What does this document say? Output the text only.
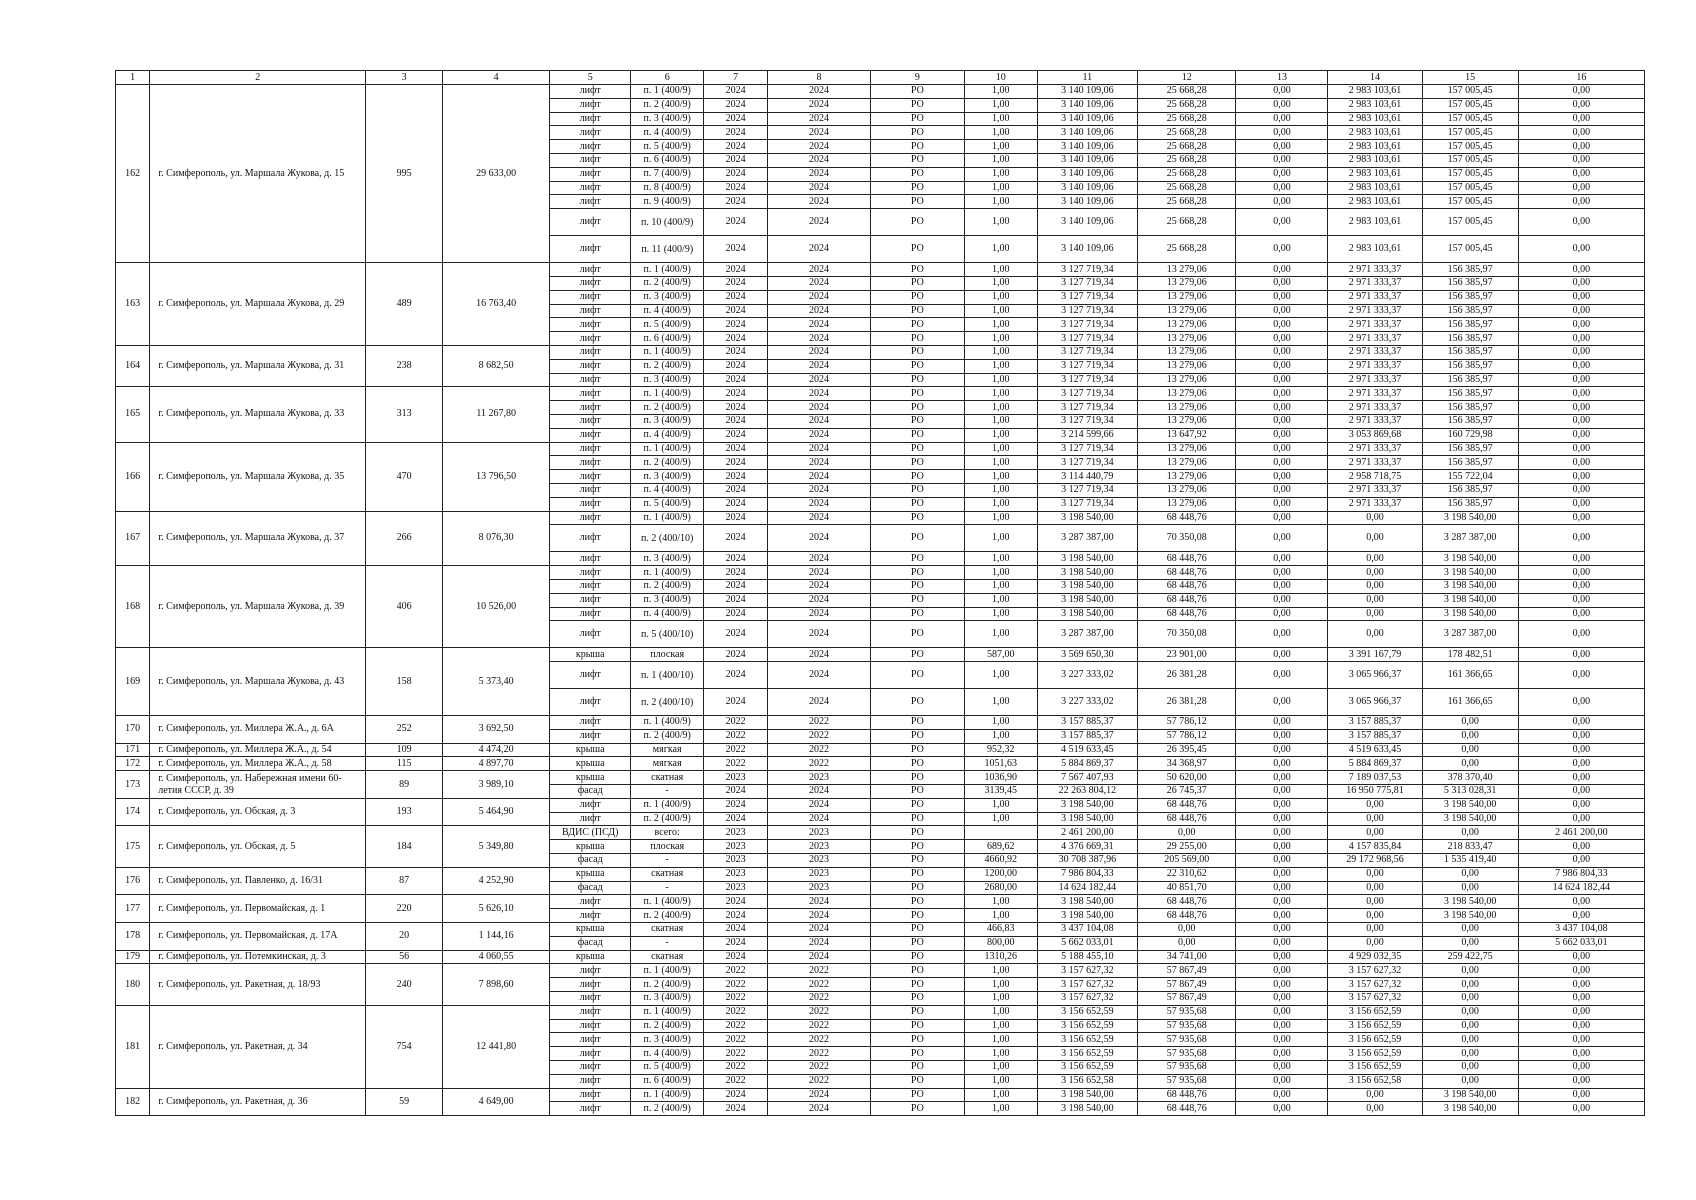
1	2	3	4	5	6	7	8	9	10	11	12	13	14	15	16
162	г. Симферополь, ул. Маршала Жукова, д. 15	995	29 633,00	лифт	п. 1 (400/9)	2024	2024	РО	1,00	3 140 109,06	25 668,28	0,00	2 983 103,61	157 005,45	0,00
				лифт	п. 2 (400/9)	2024	2024	РО	1,00	3 140 109,06	25 668,28	0,00	2 983 103,61	157 005,45	0,00
				лифт	п. 3 (400/9)	2024	2024	РО	1,00	3 140 109,06	25 668,28	0,00	2 983 103,61	157 005,45	0,00
				лифт	п. 4 (400/9)	2024	2024	РО	1,00	3 140 109,06	25 668,28	0,00	2 983 103,61	157 005,45	0,00
				лифт	п. 5 (400/9)	2024	2024	РО	1,00	3 140 109,06	25 668,28	0,00	2 983 103,61	157 005,45	0,00
				лифт	п. 6 (400/9)	2024	2024	РО	1,00	3 140 109,06	25 668,28	0,00	2 983 103,61	157 005,45	0,00
				лифт	п. 7 (400/9)	2024	2024	РО	1,00	3 140 109,06	25 668,28	0,00	2 983 103,61	157 005,45	0,00
				лифт	п. 8 (400/9)	2024	2024	РО	1,00	3 140 109,06	25 668,28	0,00	2 983 103,61	157 005,45	0,00
				лифт	п. 9 (400/9)	2024	2024	РО	1,00	3 140 109,06	25 668,28	0,00	2 983 103,61	157 005,45	0,00
				лифт	п. 10 (400/9)	2024	2024	РО	1,00	3 140 109,06	25 668,28	0,00	2 983 103,61	157 005,45	0,00
				лифт	п. 11 (400/9)	2024	2024	РО	1,00	3 140 109,06	25 668,28	0,00	2 983 103,61	157 005,45	0,00
163	г. Симферополь, ул. Маршала Жукова, д. 29	489	16 763,40	лифт	п. 1 (400/9)	2024	2024	РО	1,00	3 127 719,34	13 279,06	0,00	2 971 333,37	156 385,97	0,00
				лифт	п. 2 (400/9)	2024	2024	РО	1,00	3 127 719,34	13 279,06	0,00	2 971 333,37	156 385,97	0,00
				лифт	п. 3 (400/9)	2024	2024	РО	1,00	3 127 719,34	13 279,06	0,00	2 971 333,37	156 385,97	0,00
				лифт	п. 4 (400/9)	2024	2024	РО	1,00	3 127 719,34	13 279,06	0,00	2 971 333,37	156 385,97	0,00
				лифт	п. 5 (400/9)	2024	2024	РО	1,00	3 127 719,34	13 279,06	0,00	2 971 333,37	156 385,97	0,00
				лифт	п. 6 (400/9)	2024	2024	РО	1,00	3 127 719,34	13 279,06	0,00	2 971 333,37	156 385,97	0,00
164	г. Симферополь, ул. Маршала Жукова, д. 31	238	8 682,50	лифт	п. 1 (400/9)	2024	2024	РО	1,00	3 127 719,34	13 279,06	0,00	2 971 333,37	156 385,97	0,00
				лифт	п. 2 (400/9)	2024	2024	РО	1,00	3 127 719,34	13 279,06	0,00	2 971 333,37	156 385,97	0,00
				лифт	п. 3 (400/9)	2024	2024	РО	1,00	3 127 719,34	13 279,06	0,00	2 971 333,37	156 385,97	0,00
165	г. Симферополь, ул. Маршала Жукова, д. 33	313	11 267,80	лифт	п. 1 (400/9)	2024	2024	РО	1,00	3 127 719,34	13 279,06	0,00	2 971 333,37	156 385,97	0,00
				лифт	п. 2 (400/9)	2024	2024	РО	1,00	3 127 719,34	13 279,06	0,00	2 971 333,37	156 385,97	0,00
				лифт	п. 3 (400/9)	2024	2024	РО	1,00	3 127 719,34	13 279,06	0,00	2 971 333,37	156 385,97	0,00
				лифт	п. 4 (400/9)	2024	2024	РО	1,00	3 214 599,66	13 647,92	0,00	3 053 869,68	160 729,98	0,00
166	г. Симферополь, ул. Маршала Жукова, д. 35	470	13 796,50	лифт	п. 1 (400/9)	2024	2024	РО	1,00	3 127 719,34	13 279,06	0,00	2 971 333,37	156 385,97	0,00
				лифт	п. 2 (400/9)	2024	2024	РО	1,00	3 127 719,34	13 279,06	0,00	2 971 333,37	156 385,97	0,00
				лифт	п. 3 (400/9)	2024	2024	РО	1,00	3 114 440,79	13 279,06	0,00	2 958 718,75	155 722,04	0,00
				лифт	п. 4 (400/9)	2024	2024	РО	1,00	3 127 719,34	13 279,06	0,00	2 971 333,37	156 385,97	0,00
				лифт	п. 5 (400/9)	2024	2024	РО	1,00	3 127 719,34	13 279,06	0,00	2 971 333,37	156 385,97	0,00
167	г. Симферополь, ул. Маршала Жукова, д. 37	266	8 076,30	лифт	п. 1 (400/9)	2024	2024	РО	1,00	3 198 540,00	68 448,76	0,00	0,00	3 198 540,00	0,00
				лифт	п. 2 (400/10)	2024	2024	РО	1,00	3 287 387,00	70 350,08	0,00	0,00	3 287 387,00	0,00
				лифт	п. 3 (400/9)	2024	2024	РО	1,00	3 198 540,00	68 448,76	0,00	0,00	3 198 540,00	0,00
168	г. Симферополь, ул. Маршала Жукова, д. 39	406	10 526,00	лифт	п. 1 (400/9)	2024	2024	РО	1,00	3 198 540,00	68 448,76	0,00	0,00	3 198 540,00	0,00
				лифт	п. 2 (400/9)	2024	2024	РО	1,00	3 198 540,00	68 448,76	0,00	0,00	3 198 540,00	0,00
				лифт	п. 3 (400/9)	2024	2024	РО	1,00	3 198 540,00	68 448,76	0,00	0,00	3 198 540,00	0,00
				лифт	п. 4 (400/9)	2024	2024	РО	1,00	3 198 540,00	68 448,76	0,00	0,00	3 198 540,00	0,00
				лифт	п. 5 (400/10)	2024	2024	РО	1,00	3 287 387,00	70 350,08	0,00	0,00	3 287 387,00	0,00
169	г. Симферополь, ул. Маршала Жукова, д. 43	158	5 373,40	крыша	плоская	2024	2024	РО	587,00	3 569 650,30	23 901,00	0,00	3 391 167,79	178 482,51	0,00
				лифт	п. 1 (400/10)	2024	2024	РО	1,00	3 227 333,02	26 381,28	0,00	3 065 966,37	161 366,65	0,00
				лифт	п. 2 (400/10)	2024	2024	РО	1,00	3 227 333,02	26 381,28	0,00	3 065 966,37	161 366,65	0,00
170	г. Симферополь, ул. Миллера Ж.А., д. 6А	252	3 692,50	лифт	п. 1 (400/9)	2022	2022	РО	1,00	3 157 885,37	57 786,12	0,00	3 157 885,37	0,00	0,00
				лифт	п. 2 (400/9)	2022	2022	РО	1,00	3 157 885,37	57 786,12	0,00	3 157 885,37	0,00	0,00
171	г. Симферополь, ул. Миллера Ж.А., д. 54	109	4 474,20	крыша	мягкая	2022	2022	РО	952,32	4 519 633,45	26 395,45	0,00	4 519 633,45	0,00	0,00
172	г. Симферополь, ул. Миллера Ж.А., д. 58	115	4 897,70	крыша	мягкая	2022	2022	РО	1051,63	5 884 869,37	34 368,97	0,00	5 884 869,37	0,00	0,00
173	г. Симферополь, ул. Набережная имени 60-летия СССР, д. 39	89	3 989,10	крыша	скатная	2023	2023	РО	1036,90	7 567 407,93	50 620,00	0,00	7 189 037,53	378 370,40	0,00
				фасад	-	2024	2024	РО	3139,45	22 263 804,12	26 745,37	0,00	16 950 775,81	5 313 028,31	0,00
174	г. Симферополь, ул. Обская, д. 3	193	5 464,90	лифт	п. 1 (400/9)	2024	2024	РО	1,00	3 198 540,00	68 448,76	0,00	0,00	3 198 540,00	0,00
				лифт	п. 2 (400/9)	2024	2024	РО	1,00	3 198 540,00	68 448,76	0,00	0,00	3 198 540,00	0,00
175	г. Симферополь, ул. Обская, д. 5	184	5 349,80	ВДИС (ПСД)	всего:	2023	2023	РО		2 461 200,00	0,00	0,00	0,00	0,00	2 461 200,00
				крыша	плоская	2023	2023	РО	689,62	4 376 669,31	29 255,00	0,00	4 157 835,84	218 833,47	0,00
				фасад	-	2023	2023	РО	4660,92	30 708 387,96	205 569,00	0,00	29 172 968,56	1 535 419,40	0,00
176	г. Симферополь, ул. Павленко, д. 16/31	87	4 252,90	крыша	скатная	2023	2023	РО	1200,00	7 986 804,33	22 310,62	0,00	0,00	0,00	7 986 804,33
				фасад	-	2023	2023	РО	2680,00	14 624 182,44	40 851,70	0,00	0,00	0,00	14 624 182,44
177	г. Симферополь, ул. Первомайская, д. 1	220	5 626,10	лифт	п. 1 (400/9)	2024	2024	РО	1,00	3 198 540,00	68 448,76	0,00	0,00	3 198 540,00	0,00
				лифт	п. 2 (400/9)	2024	2024	РО	1,00	3 198 540,00	68 448,76	0,00	0,00	3 198 540,00	0,00
178	г. Симферополь, ул. Первомайская, д. 17А	20	1 144,16	крыша	скатная	2024	2024	РО	466,83	3 437 104,08	0,00	0,00	0,00	0,00	3 437 104,08
				фасад	-	2024	2024	РО	800,00	5 662 033,01	0,00	0,00	0,00	0,00	5 662 033,01
179	г. Симферополь, ул. Потемкинская, д. 3	56	4 060,55	крыша	скатная	2024	2024	РО	1310,26	5 188 455,10	34 741,00	0,00	4 929 032,35	259 422,75	0,00
180	г. Симферополь, ул. Ракетная, д. 18/93	240	7 898,60	лифт	п. 1 (400/9)	2022	2022	РО	1,00	3 157 627,32	57 867,49	0,00	3 157 627,32	0,00	0,00
				лифт	п. 2 (400/9)	2022	2022	РО	1,00	3 157 627,32	57 867,49	0,00	3 157 627,32	0,00	0,00
				лифт	п. 3 (400/9)	2022	2022	РО	1,00	3 157 627,32	57 867,49	0,00	3 157 627,32	0,00	0,00
181	г. Симферополь, ул. Ракетная, д. 34	754	12 441,80	лифт	п. 1 (400/9)	2022	2022	РО	1,00	3 156 652,59	57 935,68	0,00	3 156 652,59	0,00	0,00
				лифт	п. 2 (400/9)	2022	2022	РО	1,00	3 156 652,59	57 935,68	0,00	3 156 652,59	0,00	0,00
				лифт	п. 3 (400/9)	2022	2022	РО	1,00	3 156 652,59	57 935,68	0,00	3 156 652,59	0,00	0,00
				лифт	п. 4 (400/9)	2022	2022	РО	1,00	3 156 652,59	57 935,68	0,00	3 156 652,59	0,00	0,00
				лифт	п. 5 (400/9)	2022	2022	РО	1,00	3 156 652,59	57 935,68	0,00	3 156 652,59	0,00	0,00
				лифт	п. 6 (400/9)	2022	2022	РО	1,00	3 156 652,58	57 935,68	0,00	3 156 652,58	0,00	0,00
182	г. Симферополь, ул. Ракетная, д. 36	59	4 649,00	лифт	п. 1 (400/9)	2024	2024	РО	1,00	3 198 540,00	68 448,76	0,00	0,00	3 198 540,00	0,00
				лифт	п. 2 (400/9)	2024	2024	РО	1,00	3 198 540,00	68 448,76	0,00	0,00	3 198 540,00	0,00
